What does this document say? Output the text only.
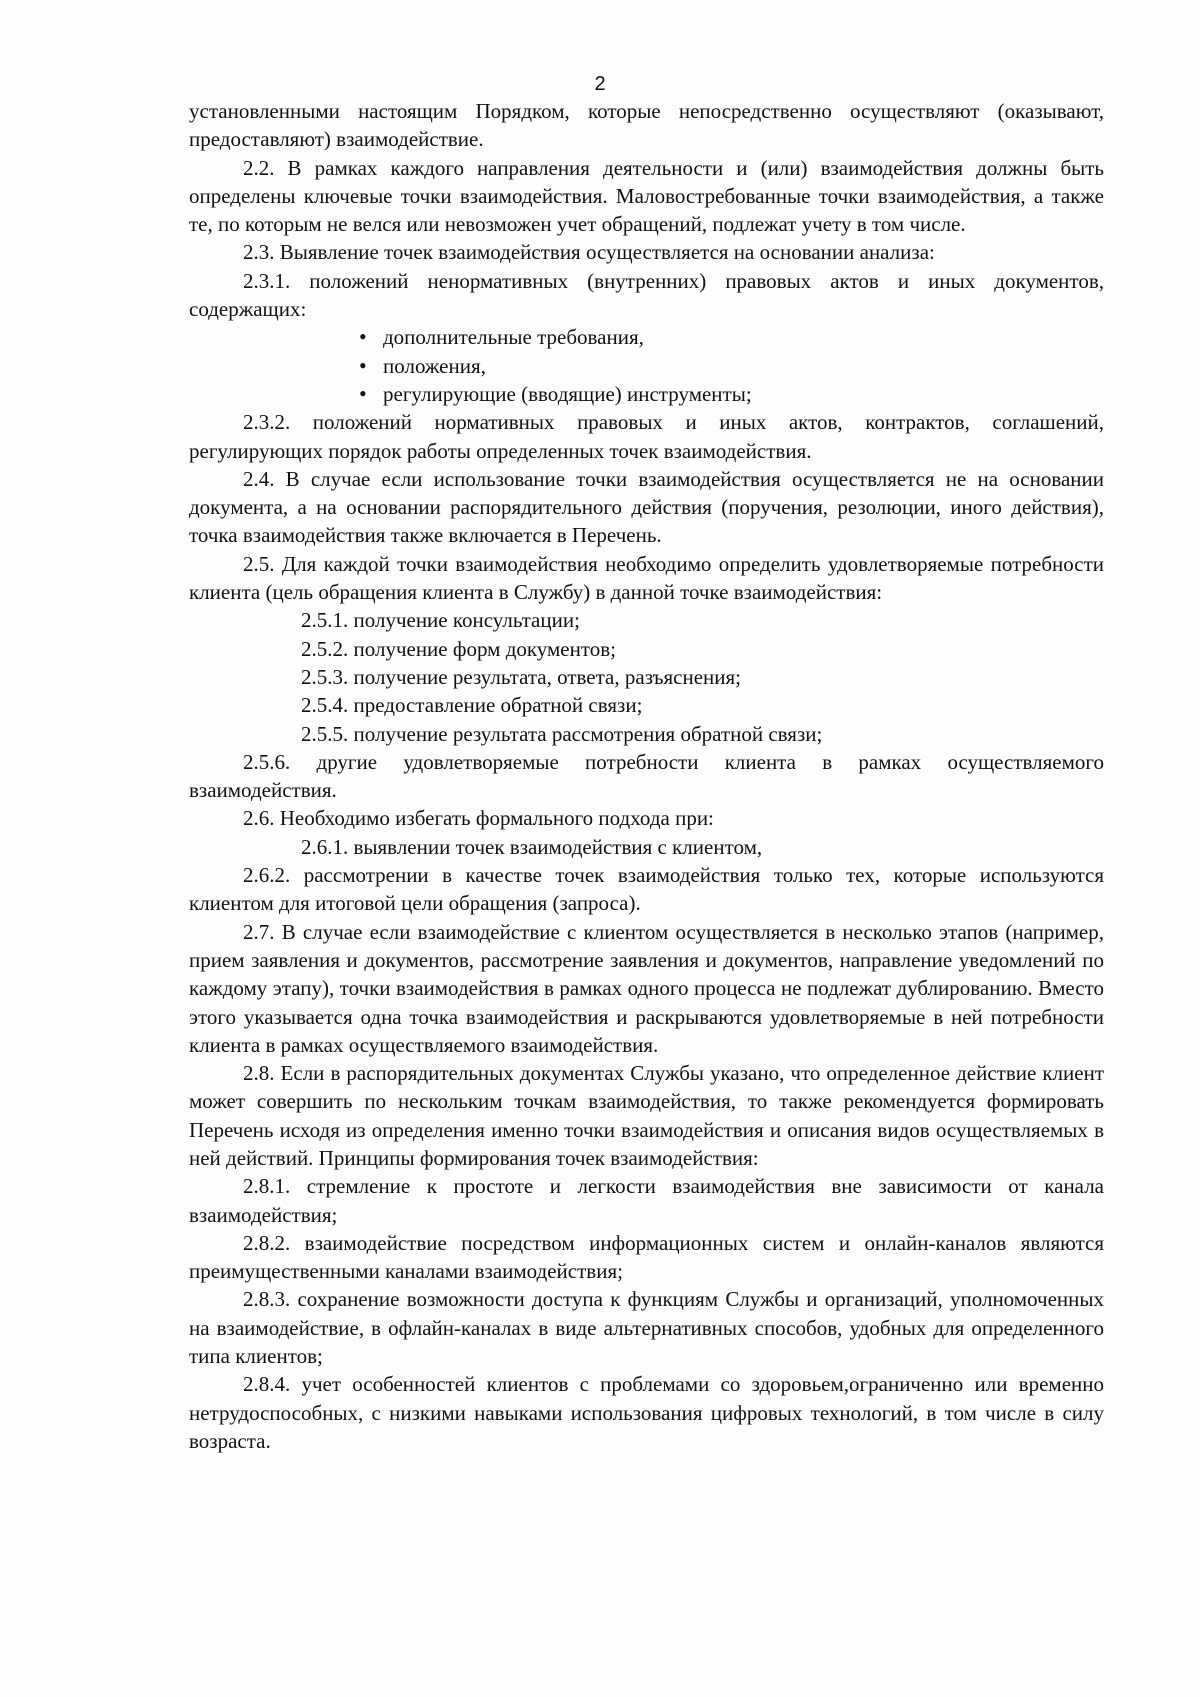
2

установленными настоящим Порядком, которые непосредственно осуществляют (оказывают, предоставляют) взаимодействие.

2.2. В рамках каждого направления деятельности и (или) взаимодействия должны быть определены ключевые точки взаимодействия. Маловостребованные точки взаимодействия, а также те, по которым не велся или невозможен учет обращений, подлежат учету в том числе.

2.3. Выявление точек взаимодействия осуществляется на основании анализа:

2.3.1. положений ненормативных (внутренних) правовых актов и иных документов, содержащих:

• дополнительные требования,
• положения,
• регулирующие (вводящие) инструменты;

2.3.2. положений нормативных правовых и иных актов, контрактов, соглашений, регулирующих порядок работы определенных точек взаимодействия.

2.4. В случае если использование точки взаимодействия осуществляется не на основании документа, а на основании распорядительного действия (поручения, резолюции, иного действия), точка взаимодействия также включается в Перечень.

2.5. Для каждой точки взаимодействия необходимо определить удовлетворяемые потребности клиента (цель обращения клиента в Службу) в данной точке взаимодействия:

2.5.1. получение консультации;

2.5.2. получение форм документов;

2.5.3. получение результата, ответа, разъяснения;

2.5.4. предоставление обратной связи;

2.5.5. получение результата рассмотрения обратной связи;

2.5.6. другие удовлетворяемые потребности клиента в рамках осуществляемого взаимодействия.

2.6. Необходимо избегать формального подхода при:

2.6.1. выявлении точек взаимодействия с клиентом,

2.6.2. рассмотрении в качестве точек взаимодействия только тех, которые используются клиентом для итоговой цели обращения (запроса).

2.7. В случае если взаимодействие с клиентом осуществляется в несколько этапов (например, прием заявления и документов, рассмотрение заявления и документов, направление уведомлений по каждому этапу), точки взаимодействия в рамках одного процесса не подлежат дублированию. Вместо этого указывается одна точка взаимодействия и раскрываются удовлетворяемые в ней потребности клиента в рамках осуществляемого взаимодействия.

2.8. Если в распорядительных документах Службы указано, что определенное действие клиент может совершить по нескольким точкам взаимодействия, то также рекомендуется формировать Перечень исходя из определения именно точки взаимодействия и описания видов осуществляемых в ней действий. Принципы формирования точек взаимодействия:

2.8.1. стремление к простоте и легкости взаимодействия вне зависимости от канала взаимодействия;

2.8.2. взаимодействие посредством информационных систем и онлайн-каналов являются преимущественными каналами взаимодействия;

2.8.3. сохранение возможности доступа к функциям Службы и организаций, уполномоченных на взаимодействие, в офлайн-каналах в виде альтернативных способов, удобных для определенного типа клиентов;

2.8.4. учет особенностей клиентов с проблемами со здоровьем,ограниченно или временно нетрудоспособных, с низкими навыками использования цифровых технологий, в том числе в силу возраста.
